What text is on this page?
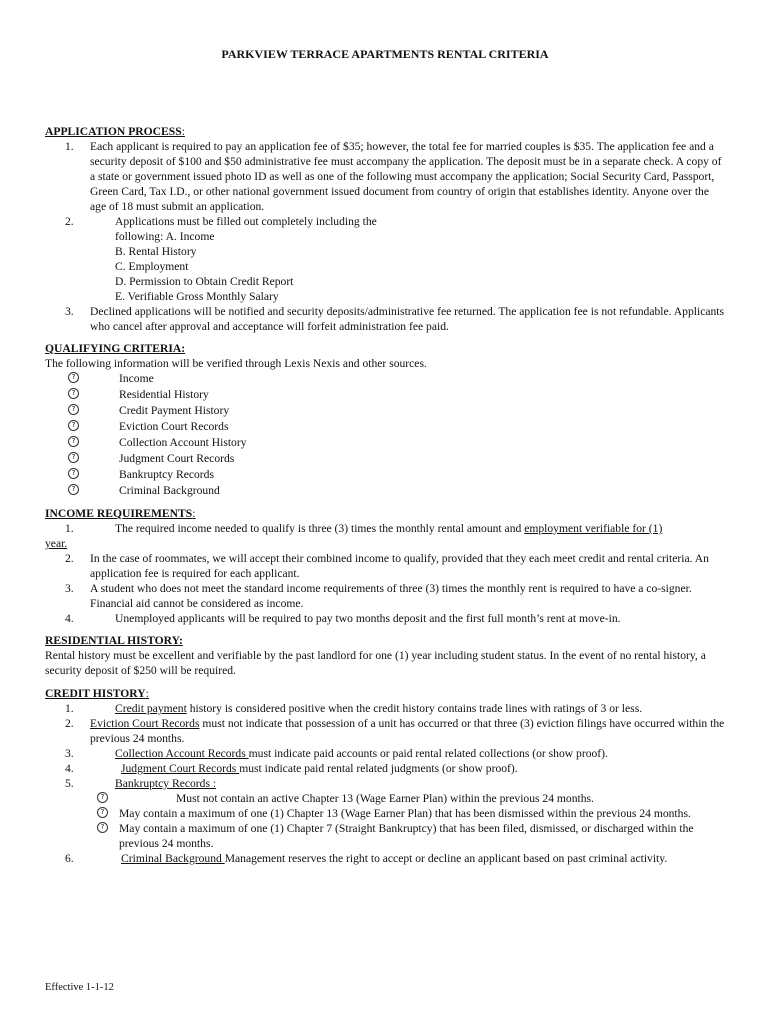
PARKVIEW TERRACE APARTMENTS RENTAL CRITERIA
APPLICATION PROCESS:
1. Each applicant is required to pay an application fee of $35; however, the total fee for married couples is $35. The application fee and a security deposit of $100 and $50 administrative fee must accompany the application. The deposit must be in a separate check. A copy of a state or government issued photo ID as well as one of the following must accompany the application; Social Security Card, Passport, Green Card, Tax I.D., or other national government issued document from country of origin that establishes identity. Anyone over the age of 18 must submit an application.
2.	Applications must be filled out completely including the
following: A. Income
B. Rental History
C. Employment
D. Permission to Obtain Credit Report
E. Verifiable Gross Monthly Salary
3. Declined applications will be notified and security deposits/administrative fee returned. The application fee is not refundable. Applicants who cancel after approval and acceptance will forfeit administration fee paid.
QUALIFYING CRITERIA:
The following information will be verified through Lexis Nexis and other sources.
?	Income
?	Residential History
?	Credit Payment History
?	Eviction Court Records
?	Collection Account History
?	Judgment Court Records
?	Bankruptcy Records
?	Criminal Background
INCOME REQUIREMENTS:
1.	The required income needed to qualify is three (3) times the monthly rental amount and employment verifiable for (1)
year.
2. In the case of roommates, we will accept their combined income to qualify, provided that they each meet credit and rental criteria. An application fee is required for each applicant.
3. A student who does not meet the standard income requirements of three (3) times the monthly rent is required to have a co-signer. Financial aid cannot be considered as income.
4.	Unemployed applicants will be required to pay two months deposit and the first full month’s rent at move-in.
RESIDENTIAL HISTORY:
Rental history must be excellent and verifiable by the past landlord for one (1) year including student status. In the event of no rental history, a security deposit of $250 will be required.
CREDIT HISTORY:
1.	Credit payment history is considered positive when the credit history contains trade lines with ratings of 3 or less.
2. Eviction Court Records must not indicate that possession of a unit has occurred or that three (3) eviction filings have occurred within the previous 24 months.
3.	Collection Account Records must indicate paid accounts or paid rental related collections (or show proof).
4.	Judgment Court Records must indicate paid rental related judgments (or show proof).
5.	Bankruptcy Records :
?	Must not contain an active Chapter 13 (Wage Earner Plan) within the previous 24 months.
?	May contain a maximum of one (1) Chapter 13 (Wage Earner Plan) that has been dismissed within the previous 24 months.
?	May contain a maximum of one (1) Chapter 7 (Straight Bankruptcy) that has been filed, dismissed, or discharged within the previous 24 months.
6.	Criminal Background Management reserves the right to accept or decline an applicant based on past criminal activity.
Effective 1-1-12
